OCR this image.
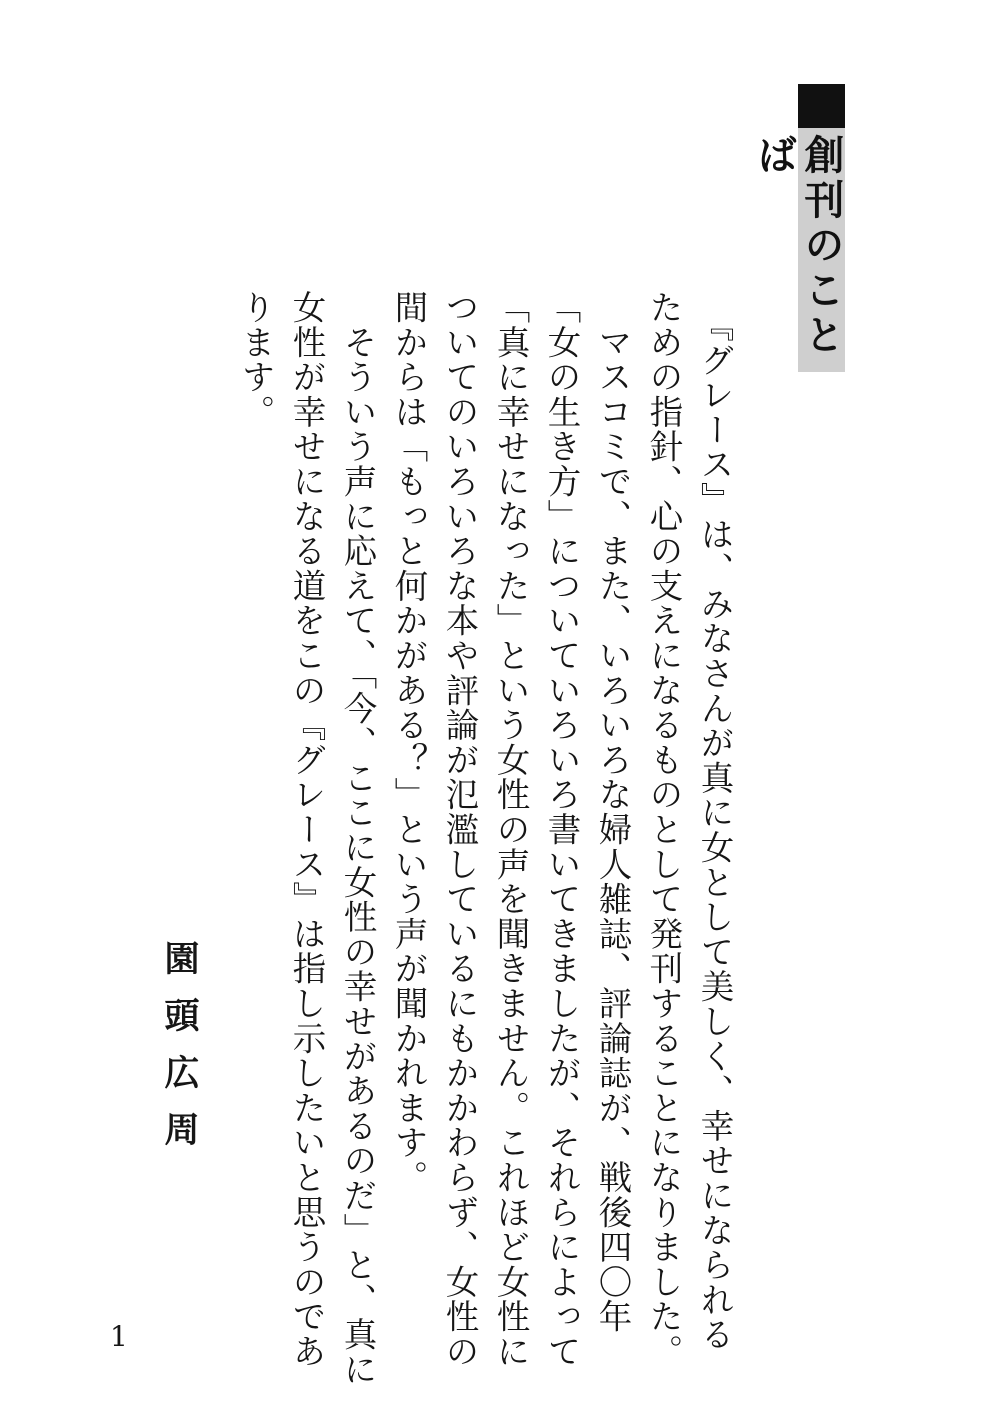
創刊のことば
　『グレース』は、みなさんが真に女として美しく、幸せになられる
ための指針、心の支えになるものとして発刊することになりました。
　マスコミで、また、いろいろな婦人雑誌、評論誌が、戦後四〇年
「女の生き方」についていろいろ書いてきましたが、それらによって
「真に幸せになった」という女性の声を聞きません。これほど女性に
ついてのいろいろな本や評論が氾濫しているにもかかわらず、女性の
間からは「もっと何かがある？」という声が聞かれます。
　そういう声に応えて、「今、ここに女性の幸せがあるのだ」と、真に
女性が幸せになる道をこの『グレース』は指し示したいと思うのであ
ります。
園頭広周
1
